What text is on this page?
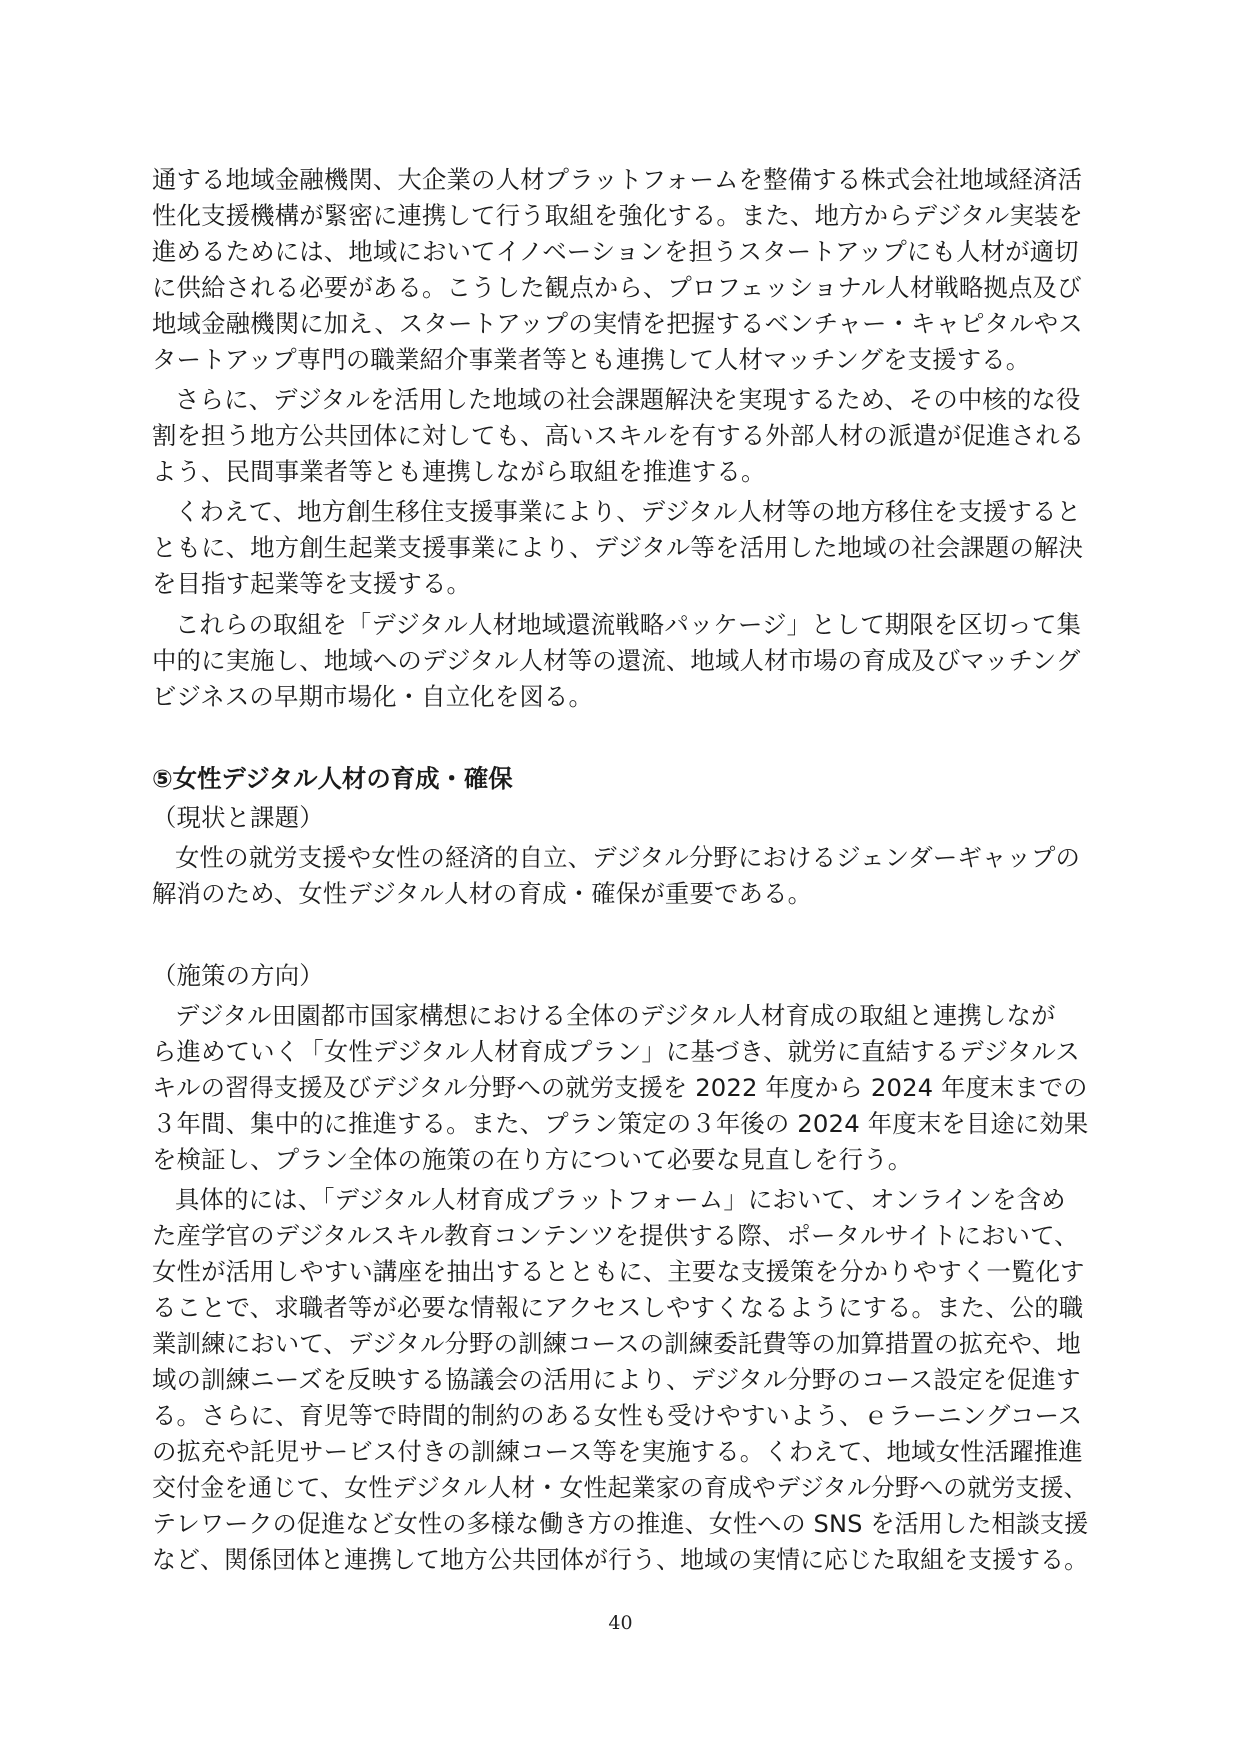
通する地域金融機関、大企業の人材プラットフォームを整備する株式会社地域経済活
性化支援機構が緊密に連携して行う取組を強化する。また、地方からデジタル実装を
進めるためには、地域においてイノベーションを担うスタートアップにも人材が適切
に供給される必要がある。こうした観点から、プロフェッショナル人材戦略拠点及び
地域金融機関に加え、スタートアップの実情を把握するベンチャー・キャピタルやス
タートアップ専門の職業紹介事業者等とも連携して人材マッチングを支援する。
さらに、デジタルを活用した地域の社会課題解決を実現するため、その中核的な役
割を担う地方公共団体に対しても、高いスキルを有する外部人材の派遣が促進される
よう、民間事業者等とも連携しながら取組を推進する。
くわえて、地方創生移住支援事業により、デジタル人材等の地方移住を支援すると
ともに、地方創生起業支援事業により、デジタル等を活用した地域の社会課題の解決
を目指す起業等を支援する。
これらの取組を「デジタル人材地域還流戦略パッケージ」として期限を区切って集
中的に実施し、地域へのデジタル人材等の還流、地域人材市場の育成及びマッチング
ビジネスの早期市場化・自立化を図る。
⑤女性デジタル人材の育成・確保
（現状と課題）
女性の就労支援や女性の経済的自立、デジタル分野におけるジェンダーギャップの
解消のため、女性デジタル人材の育成・確保が重要である。
（施策の方向）
デジタル田園都市国家構想における全体のデジタル人材育成の取組と連携しなが
ら進めていく「女性デジタル人材育成プラン」に基づき、就労に直結するデジタルス
キルの習得支援及びデジタル分野への就労支援を 2022 年度から 2024 年度末までの
３年間、集中的に推進する。また、プラン策定の３年後の 2024 年度末を目途に効果
を検証し、プラン全体の施策の在り方について必要な見直しを行う。
具体的には、「デジタル人材育成プラットフォーム」において、オンラインを含め
た産学官のデジタルスキル教育コンテンツを提供する際、ポータルサイトにおいて、
女性が活用しやすい講座を抽出するとともに、主要な支援策を分かりやすく一覧化す
ることで、求職者等が必要な情報にアクセスしやすくなるようにする。また、公的職
業訓練において、デジタル分野の訓練コースの訓練委託費等の加算措置の拡充や、地
域の訓練ニーズを反映する協議会の活用により、デジタル分野のコース設定を促進す
る。さらに、育児等で時間的制約のある女性も受けやすいよう、ｅラーニングコース
の拡充や託児サービス付きの訓練コース等を実施する。くわえて、地域女性活躍推進
交付金を通じて、女性デジタル人材・女性起業家の育成やデジタル分野への就労支援、
テレワークの促進など女性の多様な働き方の推進、女性への SNS を活用した相談支援
など、関係団体と連携して地方公共団体が行う、地域の実情に応じた取組を支援する。
40
